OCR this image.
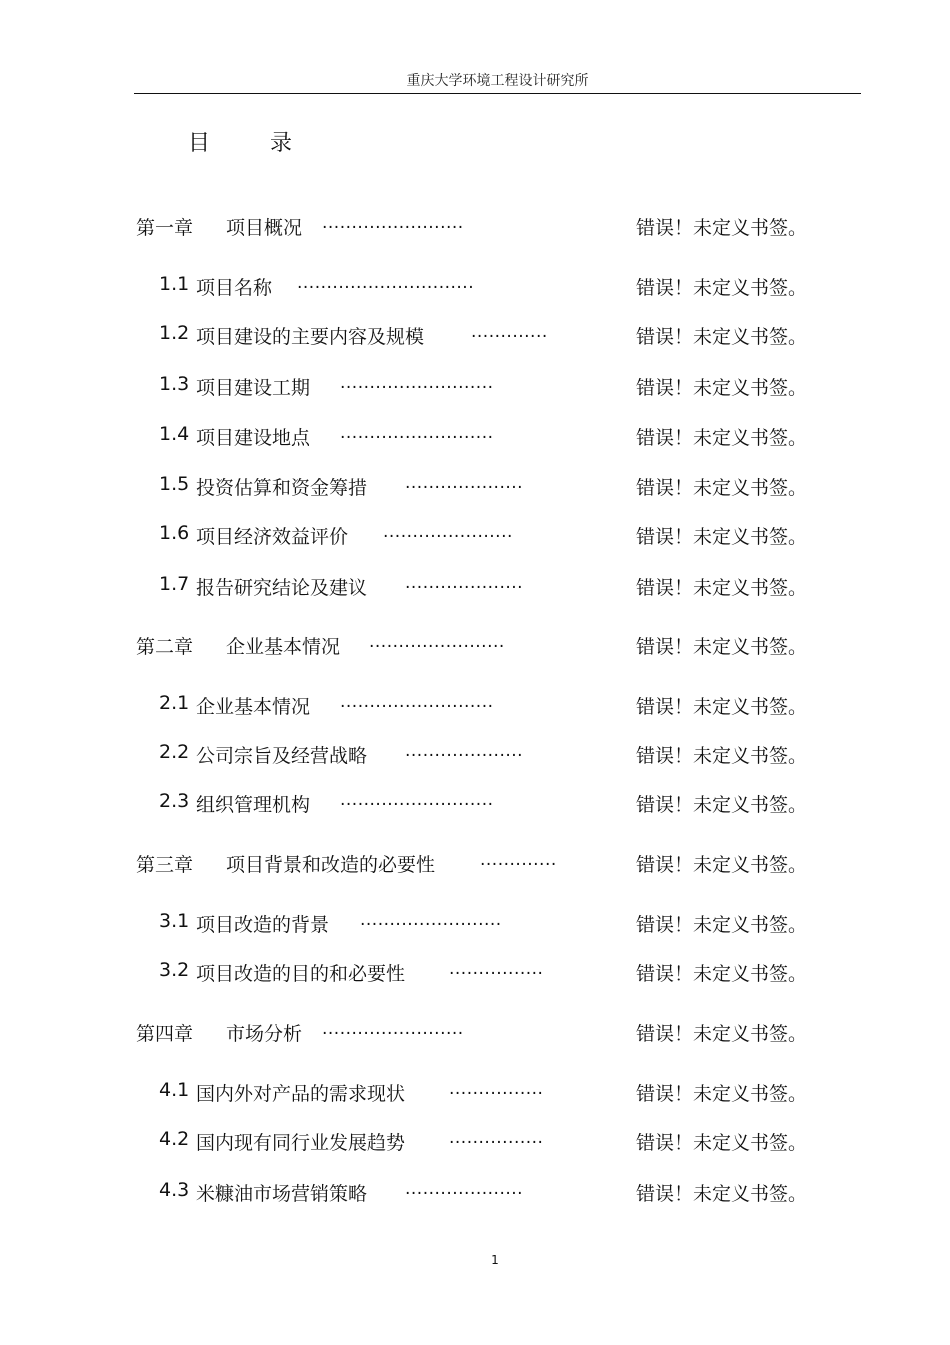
重庆大学环境工程设计研究所
目录
第一章 项目概况 ........................	错误！未定义书签。
1.1 项目名称 ..............................	错误！未定义书签。
1.2 项目建设的主要内容及规模	.............	错误！未定义书签。
1.3 项目建设工期 ..........................	错误！未定义书签。
1.4 项目建设地点 ..........................	错误！未定义书签。
1.5 投资估算和资金筹措 ....................	错误！未定义书签。
1.6 项目经济效益评价 ......................	错误！未定义书签。
1.7 报告研究结论及建议 ....................	错误！未定义书签。
第二章 企业基本情况 .......................	错误！未定义书签。
2.1 企业基本情况 ..........................	错误！未定义书签。
2.2 公司宗旨及经营战略 ....................	错误！未定义书签。
2.3 组织管理机构 ..........................	错误！未定义书签。
第三章 项目背景和改造的必要性	.............	错误！未定义书签。
3.1 项目改造的背景 ........................	错误！未定义书签。
3.2 项目改造的目的和必要性	................	错误！未定义书签。
第四章 市场分析 ........................	错误！未定义书签。
4.1 国内外对产品的需求现状	................	错误！未定义书签。
4.2 国内现有同行业发展趋势	................	错误！未定义书签。
4.3 米糠油市场营销策略 ....................	错误！未定义书签。
1
